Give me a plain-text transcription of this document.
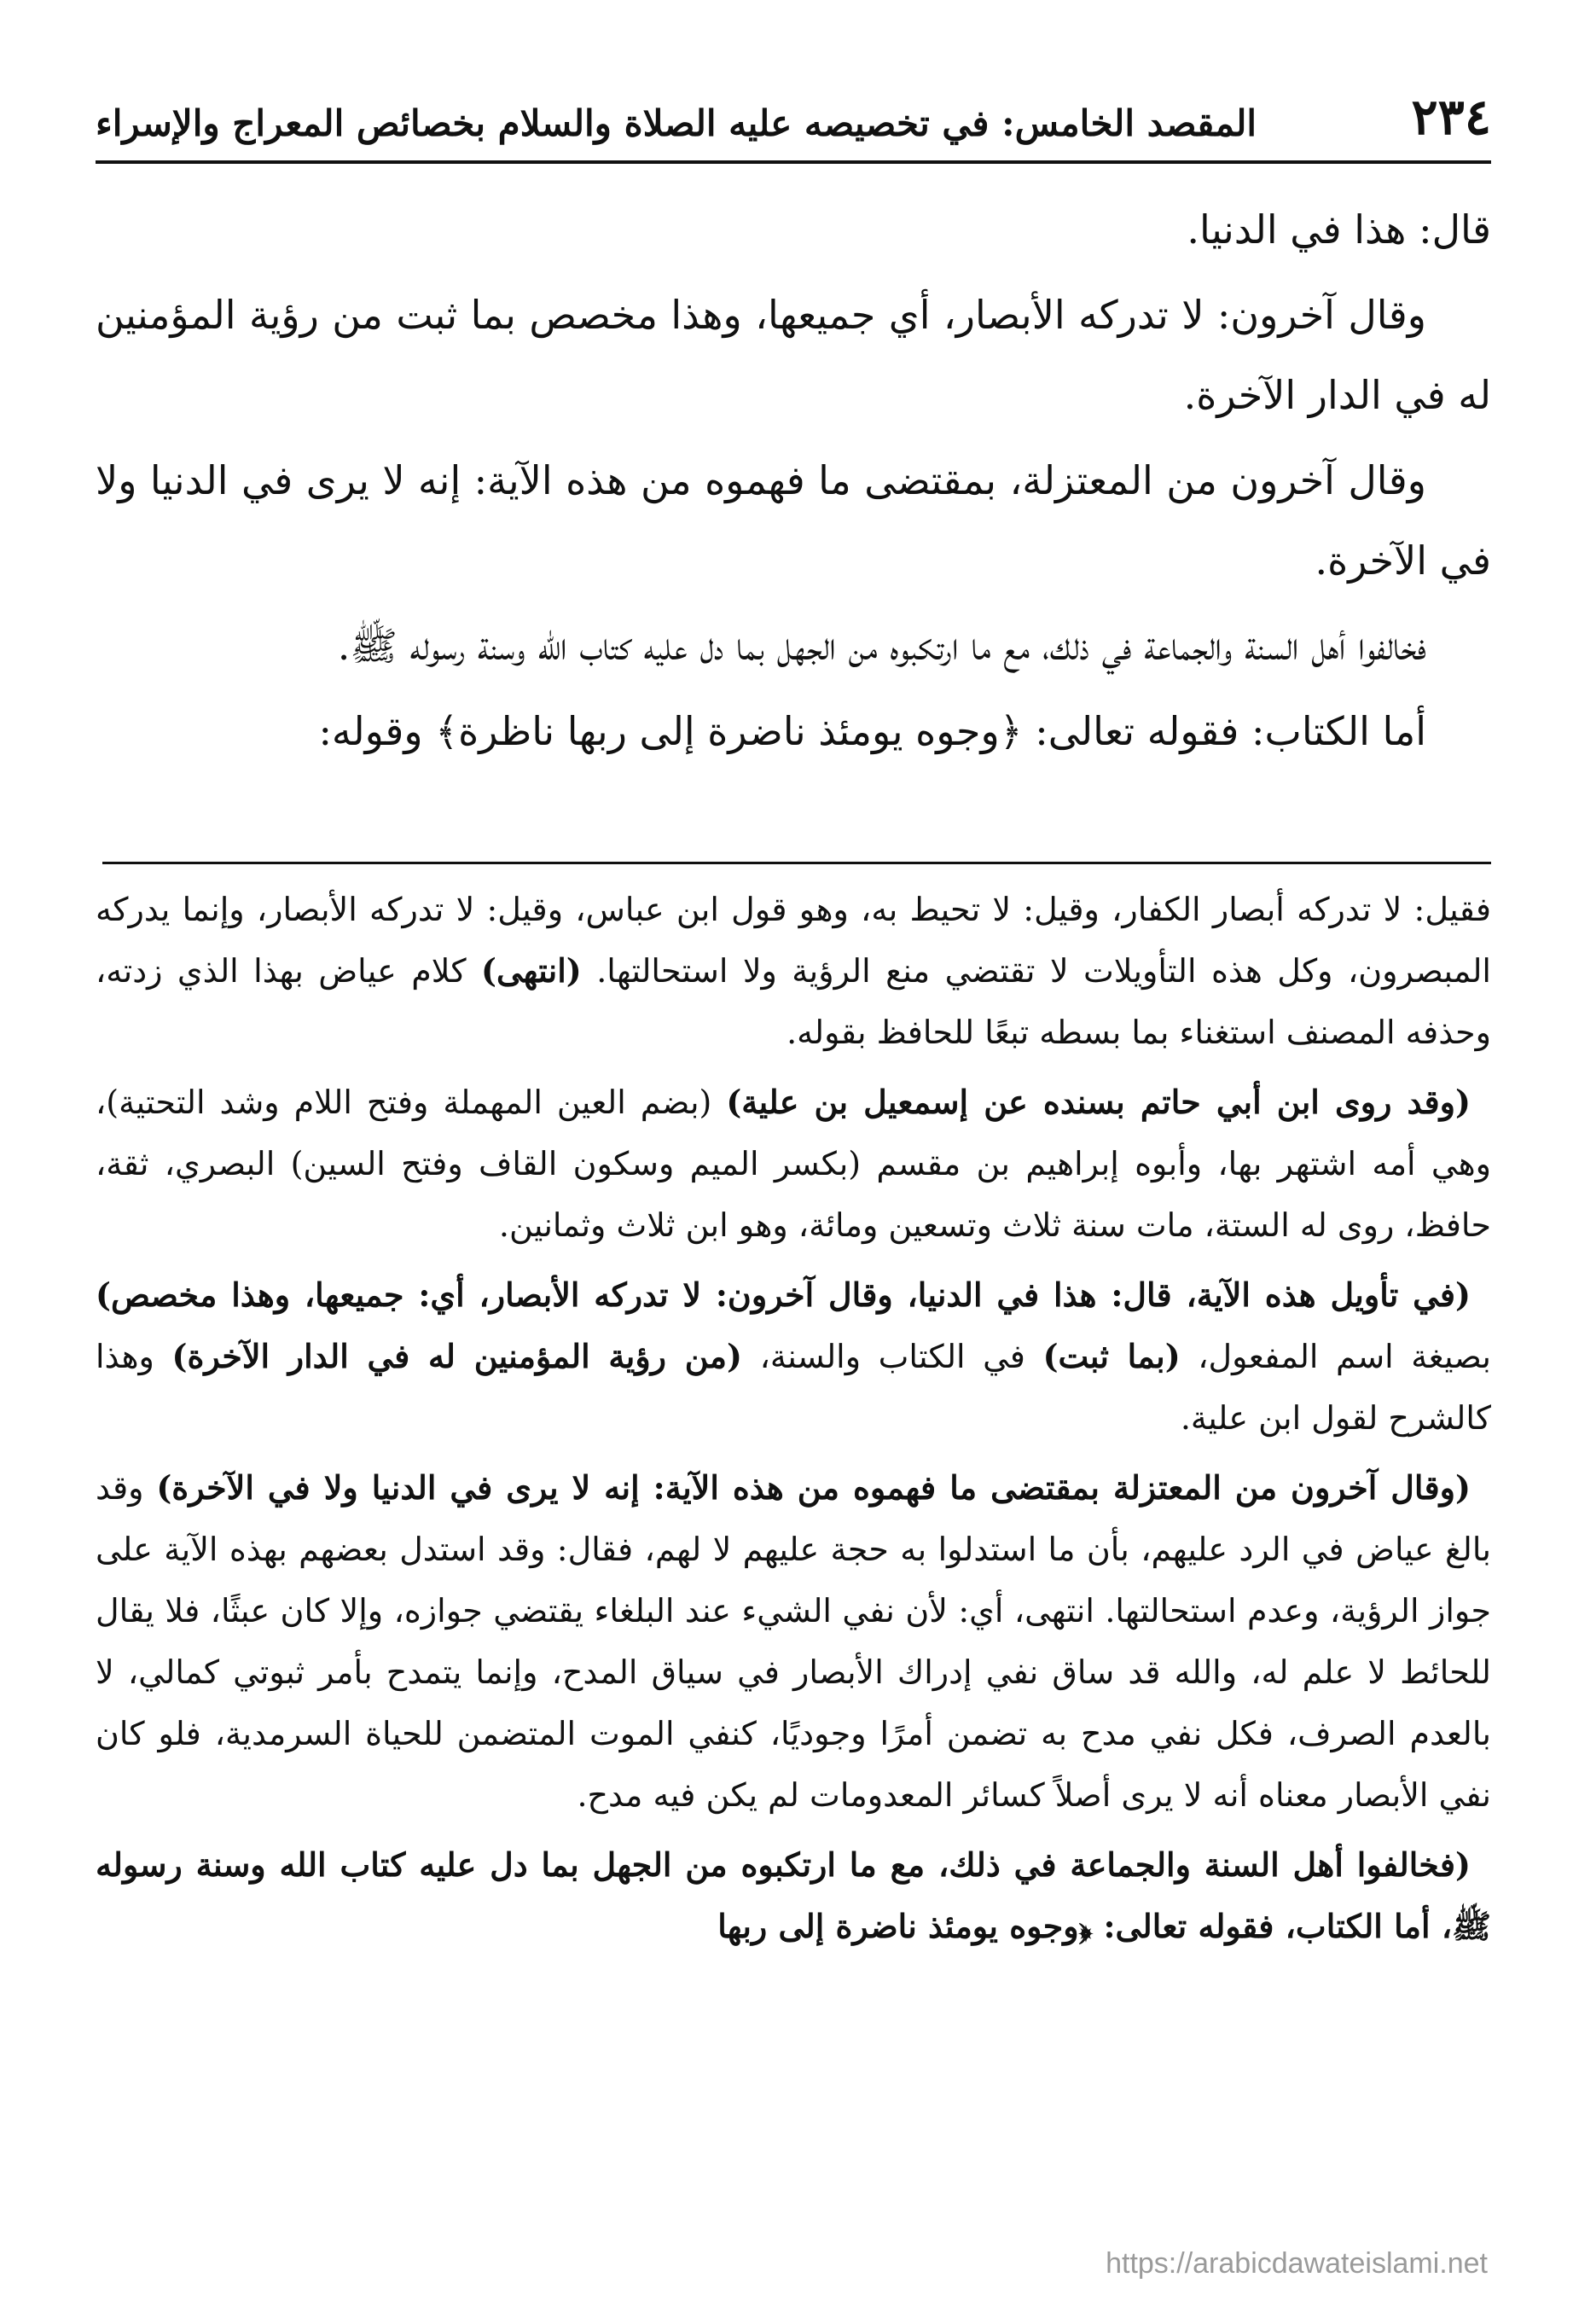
٢٣٤
المقصد الخامس: في تخصيصه عليه الصلاة والسلام بخصائص المعراج والإسراء

قال: هذا في الدنيا.

وقال آخرون: لا تدركه الأبصار، أي جميعها، وهذا مخصص بما ثبت من رؤية المؤمنين له في الدار الآخرة.

وقال آخرون من المعتزلة، بمقتضى ما فهموه من هذه الآية: إنه لا يرى في الدنيا ولا في الآخرة.

فخالفوا أهل السنة والجماعة في ذلك، مع ما ارتكبوه من الجهل بما دل عليه كتاب الله وسنة رسوله ﷺ.

أما الكتاب: فقوله تعالى: ﴿وجوه يومئذ ناضرة إلى ربها ناظرة﴾ وقوله:

فقيل: لا تدركه أبصار الكفار، وقيل: لا تحيط به، وهو قول ابن عباس، وقيل: لا تدركه الأبصار، وإنما يدركه المبصرون، وكل هذه التأويلات لا تقتضي منع الرؤية ولا استحالتها. (انتهى) كلام عياض بهذا الذي زدته، وحذفه المصنف استغناء بما بسطه تبعًا للحافظ بقوله.

(وقد روى ابن أبي حاتم بسنده عن إسمعيل بن علية) (بضم العين المهملة وفتح اللام وشد التحتية)، وهي أمه اشتهر بها، وأبوه إبراهيم بن مقسم (بكسر الميم وسكون القاف وفتح السين) البصري، ثقة، حافظ، روى له الستة، مات سنة ثلاث وتسعين ومائة، وهو ابن ثلاث وثمانين.

(في تأويل هذه الآية، قال: هذا في الدنيا، وقال آخرون: لا تدركه الأبصار، أي: جميعها، وهذا مخصص) بصيغة اسم المفعول، (بما ثبت) في الكتاب والسنة، (من رؤية المؤمنين له في الدار الآخرة) وهذا كالشرح لقول ابن علية.

(وقال آخرون من المعتزلة بمقتضى ما فهموه من هذه الآية: إنه لا يرى في الدنيا ولا في الآخرة) وقد بالغ عياض في الرد عليهم، بأن ما استدلوا به حجة عليهم لا لهم، فقال: وقد استدل بعضهم بهذه الآية على جواز الرؤية، وعدم استحالتها. انتهى، أي: لأن نفي الشيء عند البلغاء يقتضي جوازه، وإلا كان عبثًا، فلا يقال للحائط لا علم له، والله قد ساق نفي إدراك الأبصار في سياق المدح، وإنما يتمدح بأمر ثبوتي كمالي، لا بالعدم الصرف، فكل نفي مدح به تضمن أمرًا وجوديًا، كنفي الموت المتضمن للحياة السرمدية، فلو كان نفي الأبصار معناه أنه لا يرى أصلاً كسائر المعدومات لم يكن فيه مدح.

(فخالفوا أهل السنة والجماعة في ذلك، مع ما ارتكبوه من الجهل بما دل عليه كتاب الله وسنة رسوله ﷺ، أما الكتاب، فقوله تعالى: ﴿وجوه يومئذ ناضرة إلى ربها

https://arabicdawateislami.net
